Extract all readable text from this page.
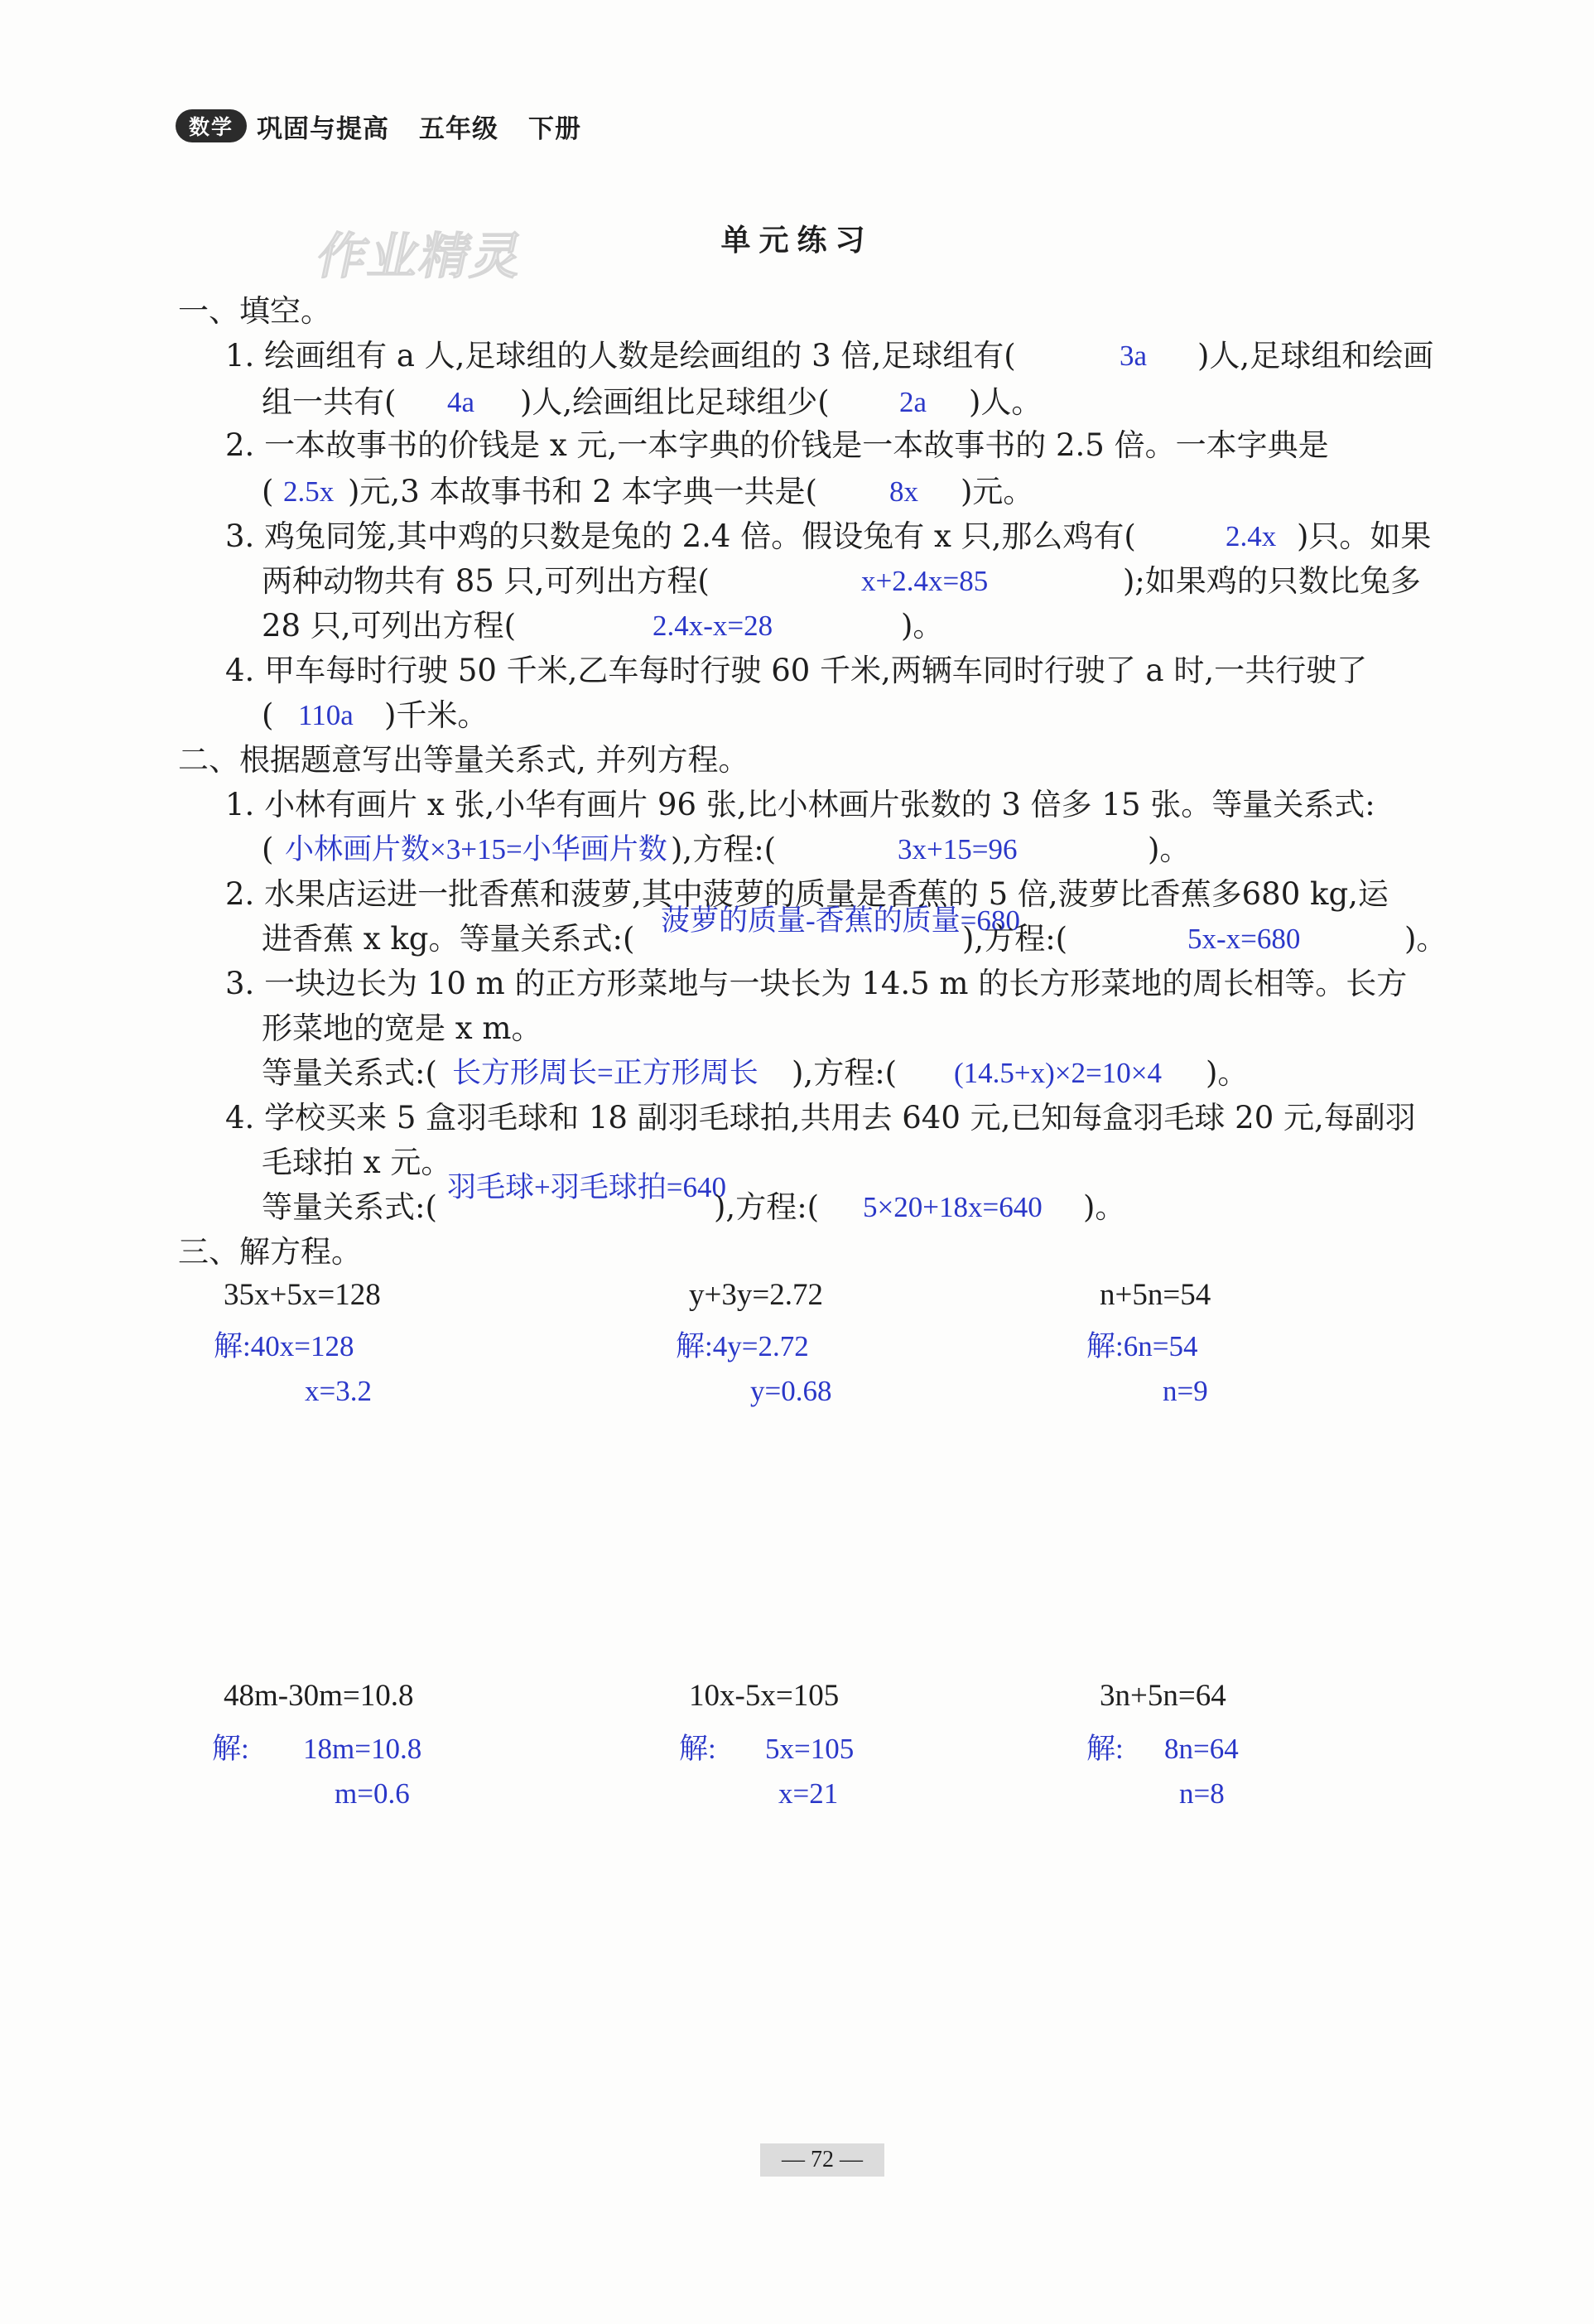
数学 巩固与提高 五年级 下册
作业精灵	单元练习
一、填空。
1. 绘画组有 a 人,足球组的人数是绘画组的 3 倍,足球组有(	3a )人,足球组和绘画
组一共有( 4a )人,绘画组比足球组少( 2a )人。
2. 一本故事书的价钱是 x 元,一本字典的价钱是一本故事书的 2.5 倍。一本字典是
( 2.5x )元,3 本故事书和 2 本字典一共是( 8x )元。
3. 鸡兔同笼,其中鸡的只数是兔的 2.4 倍。假设兔有 x 只,那么鸡有(	2.4x )只。如果
两种动物共有 85 只,可列出方程(	x+2.4x=85	);如果鸡的只数比兔多
28 只,可列出方程(	2.4x-x=28	)。
4. 甲车每时行驶 50 千米,乙车每时行驶 60 千米,两辆车同时行驶了 a 时,一共行驶了
( 110a )千米。
二、根据题意写出等量关系式, 并列方程。
1. 小林有画片 x 张,小华有画片 96 张,比小林画片张数的 3 倍多 15 张。等量关系式:
( 小林画片数×3+15=小华画片数 ),方程:(	3x+15=96	)。
2. 水果店运进一批香蕉和菠萝,其中菠萝的质量是香蕉的 5 倍,菠萝比香蕉多680 kg,运
进香蕉 x kg。等量关系式:(
菠萝的质量-香蕉的质量=680
),方程:(	5x-x=680	)。
3. 一块边长为 10 m 的正方形菜地与一块长为 14.5 m 的长方形菜地的周长相等。长方
形菜地的宽是 x m。
等量关系式:( 长方形周长=正方形周长 ),方程:( (14.5+x)×2=10×4 )。
4. 学校买来 5 盒羽毛球和 18 副羽毛球拍,共用去 640 元,已知每盒羽毛球 20 元,每副羽
毛球拍 x 元。
等量关系式:(
羽毛球+羽毛球拍=640
),方程:( 5×20+18x=640 )。
三、解方程。
35x+5x=128
解:40x=128
x=3.2
y+3y=2.72
解:4y=2.72
y=0.68
n+5n=54
解:6n=54
n=9
48m-30m=10.8
解: 18m=10.8
m=0.6
10x-5x=105
解: 5x=105
x=21
3n+5n=64
解: 8n=64
n=8
— 72 —
